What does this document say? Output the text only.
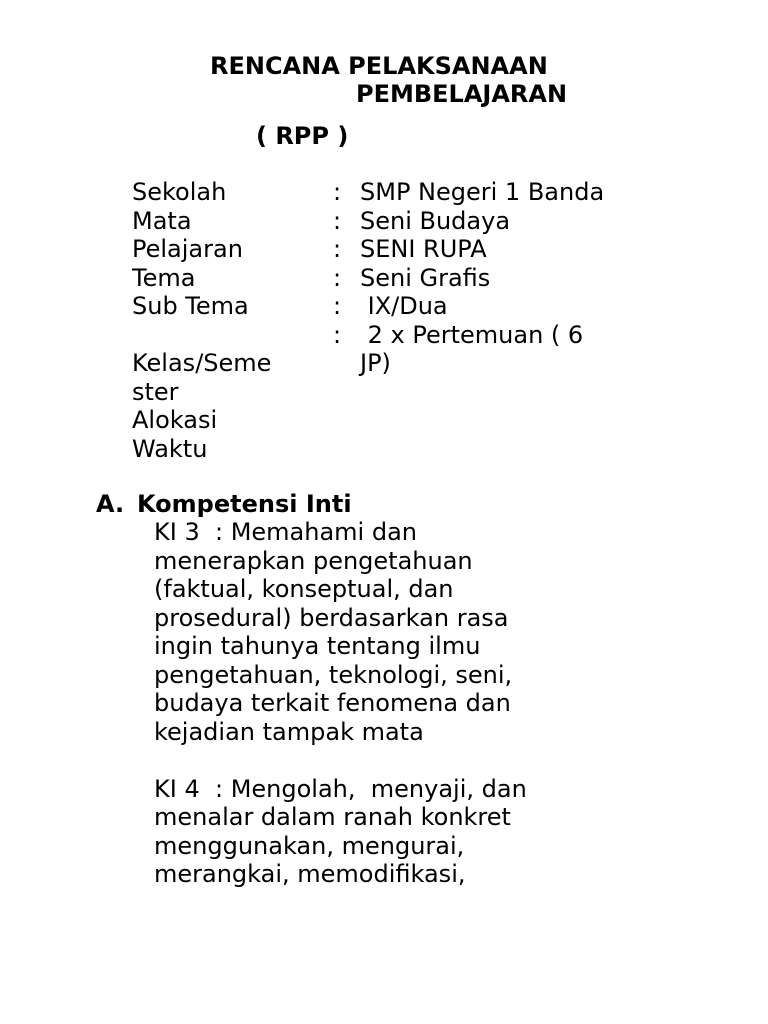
RENCANA PELAKSANAAN
PEMBELAJARAN
( RPP )
Sekolah
Mata
Pelajaran
Tema
Sub Tema
Kelas/Seme
ster
Alokasi
Waktu
:
:
:
:
:
:
SMP Negeri 1 Banda
Seni Budaya
SENI RUPA
Seni Grafis
IX/Dua
2 x Pertemuan ( 6
JP)
A. Kompetensi Inti
KI 3  : Memahami dan
menerapkan pengetahuan
(faktual, konseptual, dan
prosedural) berdasarkan rasa
ingin tahunya tentang ilmu
pengetahuan, teknologi, seni,
budaya terkait fenomena dan
kejadian tampak mata
KI 4  : Mengolah,  menyaji, dan
menalar dalam ranah konkret
menggunakan, mengurai,
merangkai, memodifikasi,
